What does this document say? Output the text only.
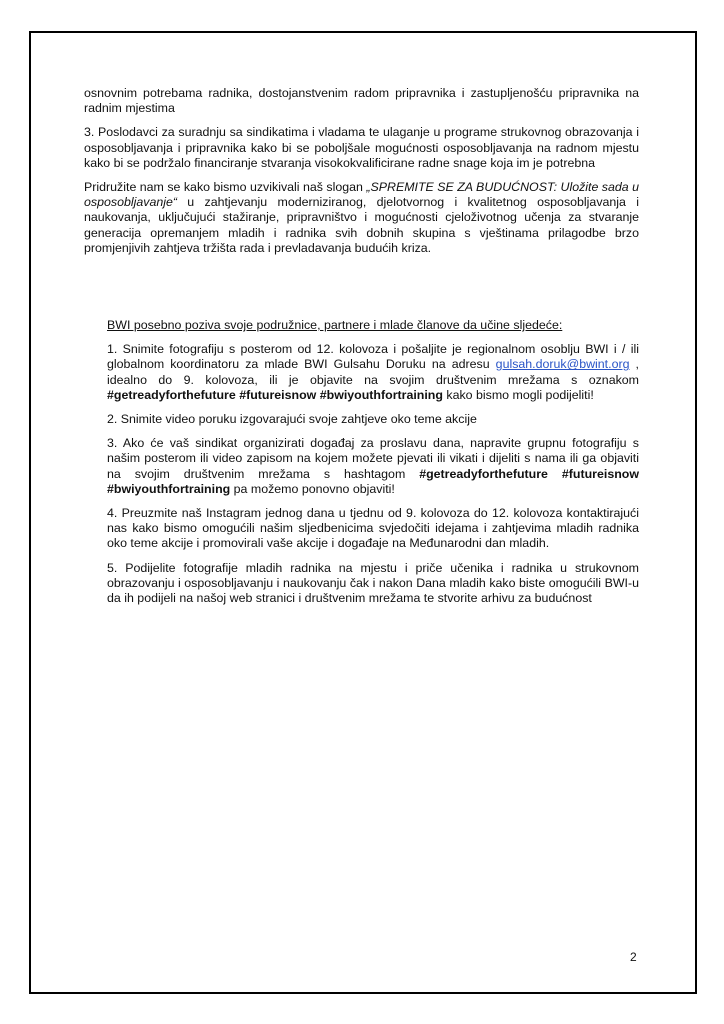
osnovnim potrebama radnika, dostojanstvenim radom pripravnika i zastupljenošću pripravnika na radnim mjestima

3. Poslodavci za suradnju sa sindikatima i vladama te ulaganje u programe strukovnog obrazovanja i osposobljavanja i pripravnika kako bi se poboljšale mogućnosti osposobljavanja na radnom mjestu kako bi se podržalo financiranje stvaranja visokokvalificirane radne snage koja im je potrebna

Pridružite nam se kako bismo uzvikivali naš slogan „SPREMITE SE ZA BUDUĆNOST: Uložite sada u osposobljavanje“ u zahtjevanju moderniziranog, djelotvornog i kvalitetnog osposobljavanja i naukovanja, uključujući stažiranje, pripravništvo i mogućnosti cjeloživotnog učenja za stvaranje generacija opremanjem mladih i radnika svih dobnih skupina s vještinama prilagodbe brzo promjenjivih zahtjeva tržišta rada i prevladavanja budućih kriza.

BWI posebno poziva svoje podružnice, partnere i mlade članove da učine sljedeće:

1. Snimite fotografiju s posterom od 12. kolovoza i pošaljite je regionalnom osoblju BWI i / ili globalnom koordinatoru za mlade BWI Gulsahu Doruku na adresu gulsah.doruk@bwint.org , idealno do 9. kolovoza, ili je objavite na svojim društvenim mrežama s oznakom #getreadyforthefuture #futureisnow #bwiyouthfortraining kako bismo mogli podijeliti!

2. Snimite video poruku izgovarajući svoje zahtjeve oko teme akcije

3. Ako će vaš sindikat organizirati događaj za proslavu dana, napravite grupnu fotografiju s našim posterom ili video zapisom na kojem možete pjevati ili vikati i dijeliti s nama ili ga objaviti na svojim društvenim mrežama s hashtagom #getreadyforthefuture #futureisnow #bwiyouthfortraining pa možemo ponovno objaviti!

4. Preuzmite naš Instagram jednog dana u tjednu od 9. kolovoza do 12. kolovoza kontaktirajući nas kako bismo omogućili našim sljedbenicima svjedočiti idejama i zahtjevima mladih radnika oko teme akcije i promovirali vaše akcije i događaje na Međunarodni dan mladih.

5. Podijelite fotografije mladih radnika na mjestu i priče učenika i radnika u strukovnom obrazovanju i osposobljavanju i naukovanju čak i nakon Dana mladih kako biste omogućili BWI-u da ih podijeli na našoj web stranici i društvenim mrežama te stvorite arhivu za budućnost

2
